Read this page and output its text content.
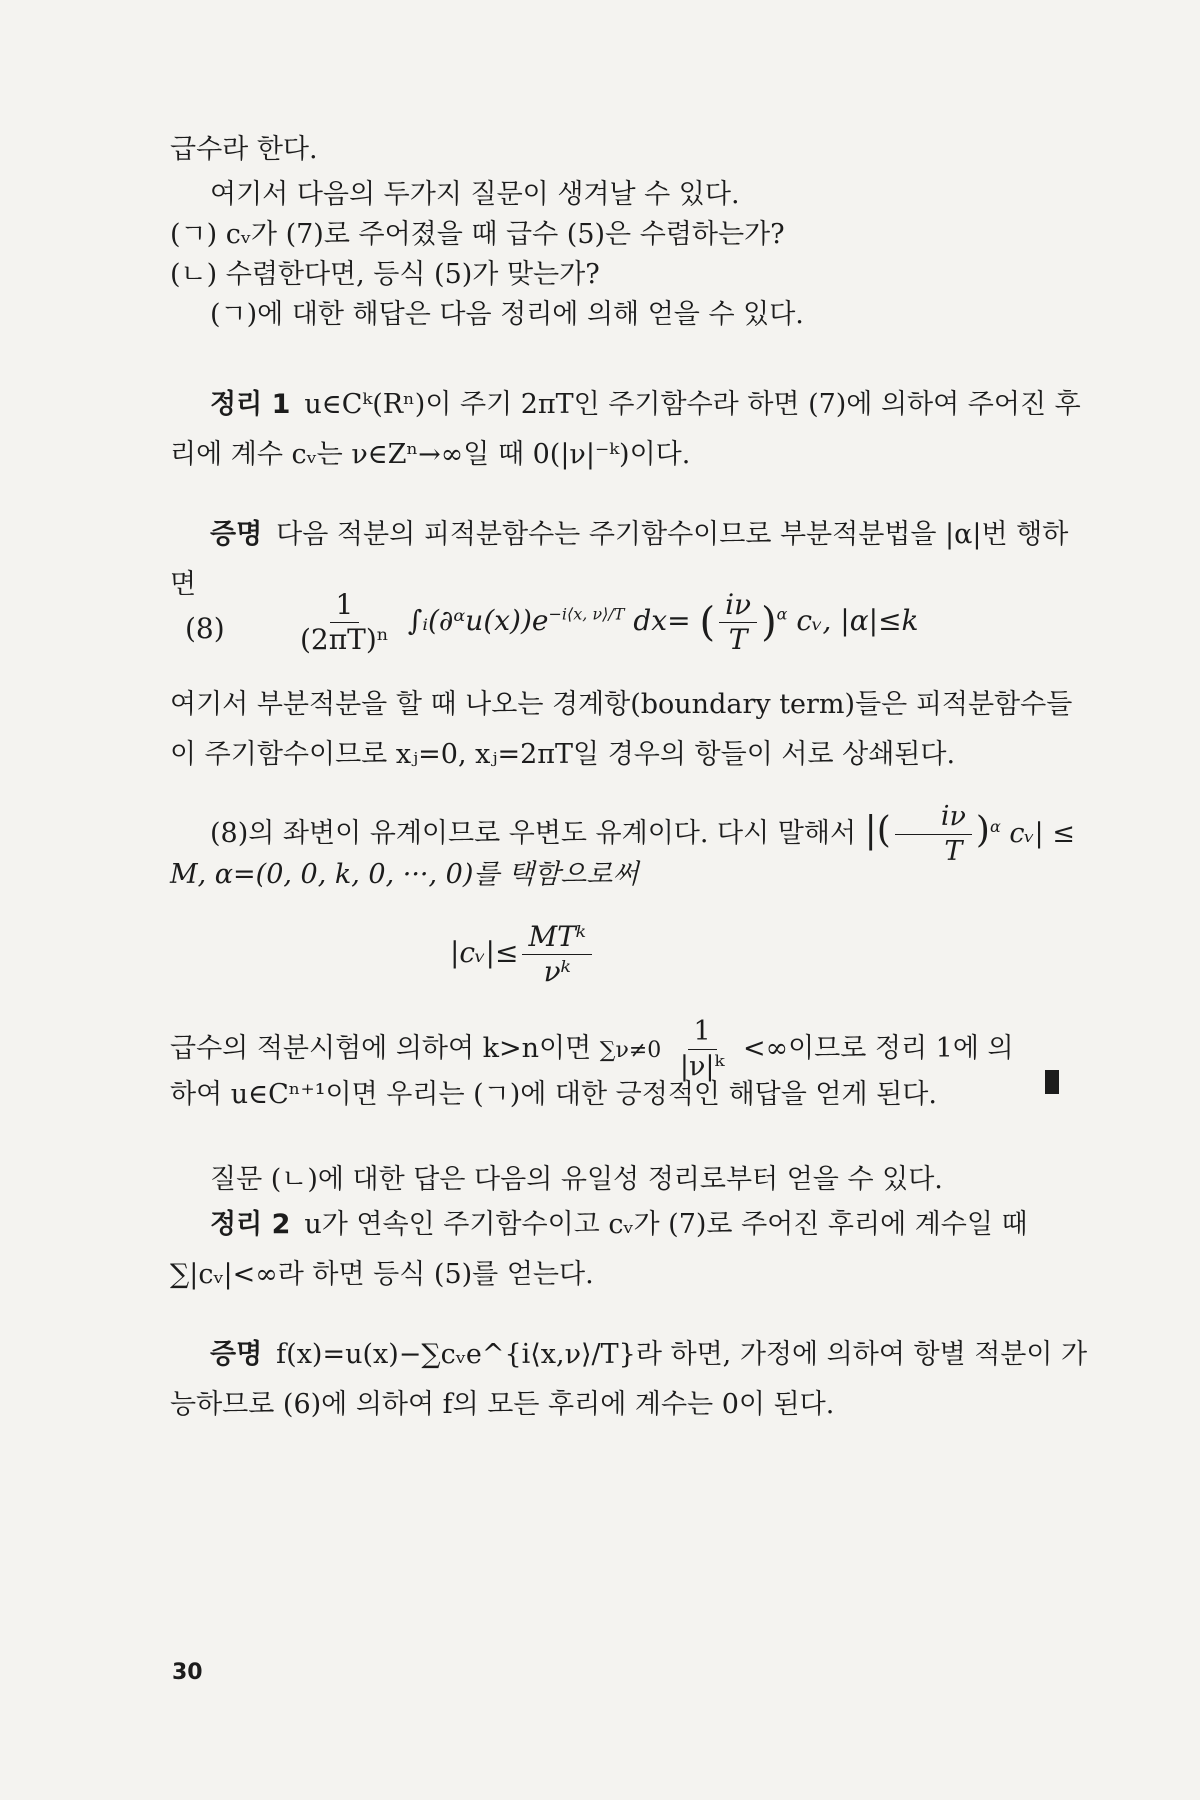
급수라 한다.
여기서 다음의 두가지 질문이 생겨날 수 있다.
(ㄱ) cᵥ가 (7)로 주어졌을 때 급수 (5)은 수렴하는가?
(ㄴ) 수렴한다면, 등식 (5)가 맞는가?
(ㄱ)에 대한 해답은 다음 정리에 의해 얻을 수 있다.
정리 1 u∈Cᵏ(Rⁿ)이 주기 2πT인 주기함수라 하면 (7)에 의하여 주어진 후리에 계수 cᵥ는 ν∈Zⁿ→∞일 때 0(|ν|⁻ᵏ)이다.
증명 다음 적분의 피적분함수는 주기함수이므로 부분적분법을 |α|번 행하면
$(8) \frac{1}{\text{(2πT)ⁿ}}$ $\int ᵢ(\partial ᵅu(x))e^{-i⟨x, \nu⟩/T}$ dx= ( $\frac{i\nu}{T} )^\alpha$ cᵥ, |α|≤k
여기서 부분적분을 할 때 나오는 경계항(boundary term)들은 피적분함수들이 주기함수이므로 xⱼ=0, xⱼ=2πT일 경우의 항들이 서로 상쇄된다.
(8)의 좌변이 유계이므로 우변도 유계이다. 다시 말해서 |( $\frac{i\nu}{T} )^\alpha$ cᵥ| ≤
M, α=(0, 0, k, 0, ···, 0)를 택함으로써
|cᵥ|≤ $\frac{\text{MTᵏ}}{\text{νᵏ}}$
급수의 적분시험에 의하여 k>n이면 $\sum\nu\ne 0 \frac{1}{\text{|ν|ᵏ}}$ <∞이므로 정리 1에 의
하여 u∈Cⁿ⁺¹이면 우리는 (ㄱ)에 대한 긍정적인 해답을 얻게 된다.
질문 (ㄴ)에 대한 답은 다음의 유일성 정리로부터 얻을 수 있다.
정리 2 u가 연속인 주기함수이고 cᵥ가 (7)로 주어진 후리에 계수일 때 ∑|cᵥ|<∞라 하면 등식 (5)를 얻는다.
증명 f(x)=u(x)−∑cᵥe^{i⟨x,ν⟩/T}라 하면, 가정에 의하여 항별 적분이 가능하므로 (6)에 의하여 f의 모든 후리에 계수는 0이 된다.
30
